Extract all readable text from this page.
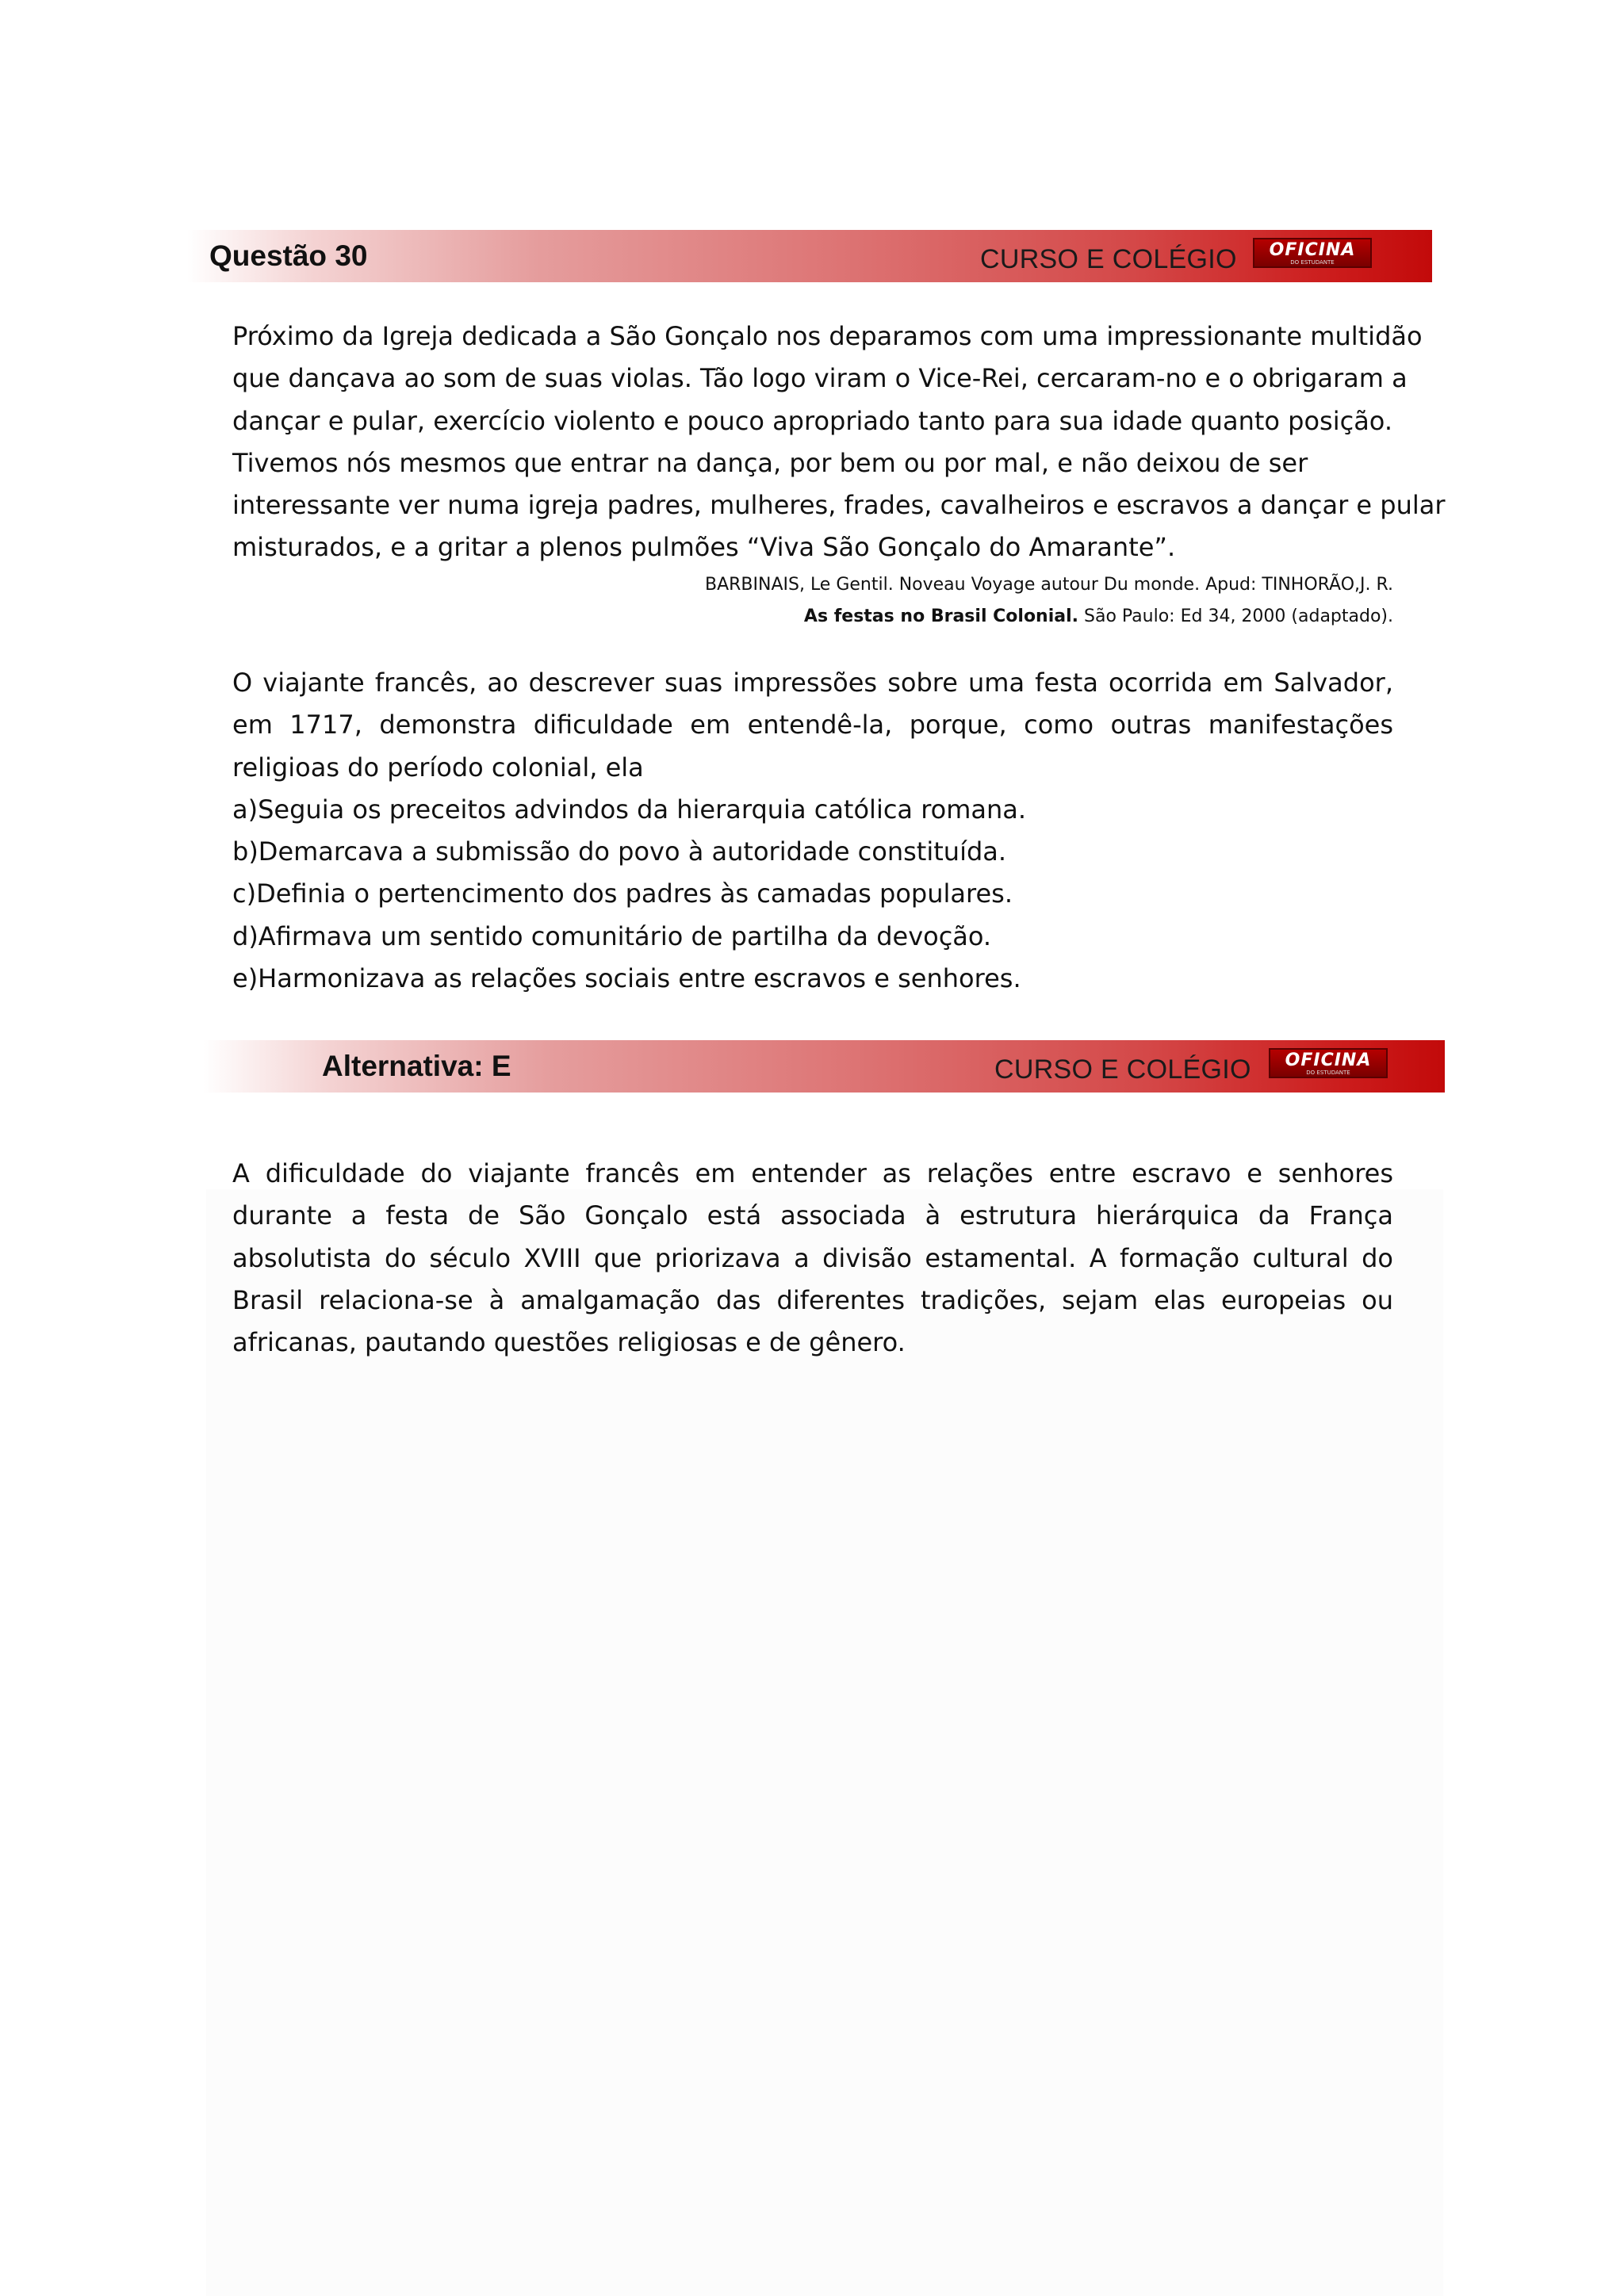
Questão 30	CURSO E COLÉGIO	OFICINA
DO ESTUDANTE
Próximo da Igreja dedicada a São Gonçalo nos deparamos com uma impressionante multidão
que dançava ao som de suas violas. Tão logo viram o Vice-Rei, cercaram-no e o obrigaram a
dançar e pular, exercício violento e pouco apropriado tanto para sua idade quanto posição.
Tivemos nós mesmos que entrar na dança, por bem ou por mal, e não deixou de ser
interessante ver numa igreja padres, mulheres, frades, cavalheiros e escravos a dançar e pular
misturados, e a gritar a plenos pulmões “Viva São Gonçalo do Amarante”.
BARBINAIS, Le Gentil. Noveau Voyage autour Du monde. Apud: TINHORÃO,J. R.
As festas no Brasil Colonial. São Paulo: Ed 34, 2000 (adaptado).

O viajante francês, ao descrever suas impressões sobre uma festa ocorrida em Salvador, em 1717, demonstra dificuldade em entendê-la, porque, como outras manifestações religioas do período colonial, ela

a)Seguia os preceitos advindos da hierarquia católica romana.
b)Demarcava a submissão do povo à autoridade constituída.
c)Definia o pertencimento dos padres às camadas populares.
d)Afirmava um sentido comunitário de partilha da devoção.
e)Harmonizava as relações sociais entre escravos e senhores.
Alternativa: E	CURSO E COLÉGIO	OFICINA
DO ESTUDANTE

A dificuldade do viajante francês em entender as relações entre escravo e senhores durante a festa de São Gonçalo está associada à estrutura hierárquica da França absolutista do século XVIII que priorizava a divisão estamental. A formação cultural do Brasil relaciona-se à amalgamação das diferentes tradições, sejam elas europeias ou africanas, pautando questões religiosas e de gênero.
